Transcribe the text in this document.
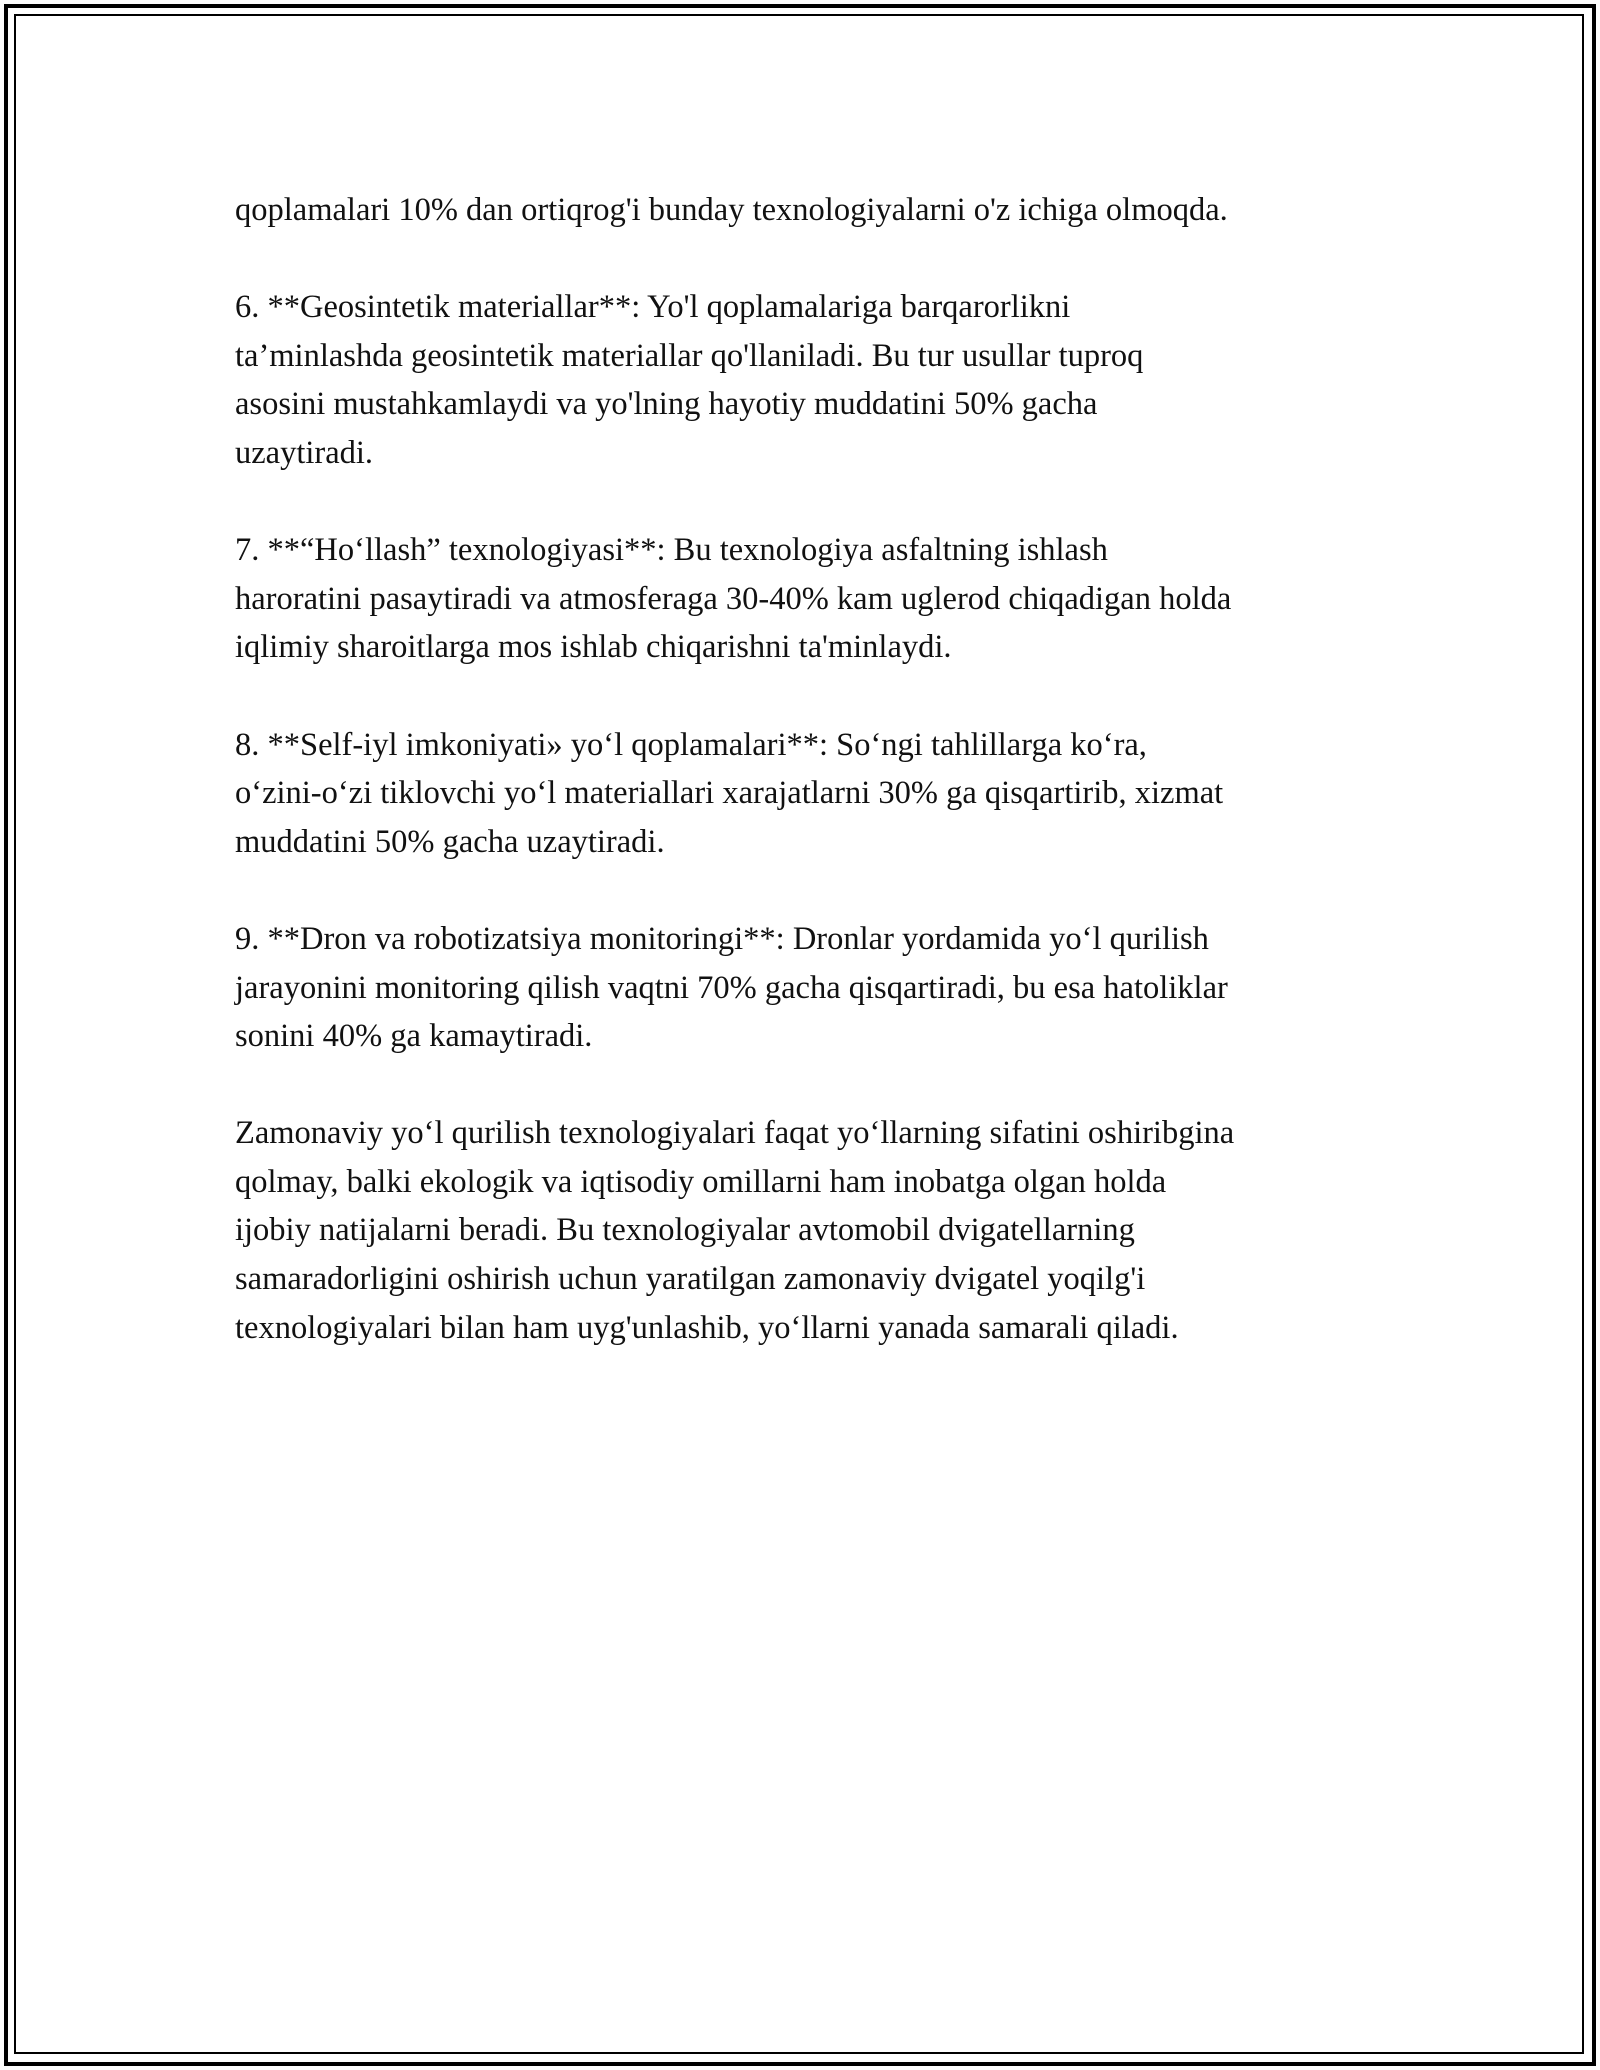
qoplamalari 10% dan ortiqrog'i bunday texnologiyalarni o'z ichiga olmoqda.

6. **Geosintetik materiallar**: Yo'l qoplamalariga barqarorlikni
ta’minlashda geosintetik materiallar qo'llaniladi. Bu tur usullar tuproq
asosini mustahkamlaydi va yo'lning hayotiy muddatini 50% gacha
uzaytiradi.

7. **“Ho‘llash” texnologiyasi**: Bu texnologiya asfaltning ishlash
haroratini pasaytiradi va atmosferaga 30-40% kam uglerod chiqadigan holda
iqlimiy sharoitlarga mos ishlab chiqarishni ta'minlaydi.

8. **Self-iyl imkoniyati» yo‘l qoplamalari**: So‘ngi tahlillarga ko‘ra,
o‘zini-o‘zi tiklovchi yo‘l materiallari xarajatlarni 30% ga qisqartirib, xizmat
muddatini 50% gacha uzaytiradi.

9. **Dron va robotizatsiya monitoringi**: Dronlar yordamida yo‘l qurilish
jarayonini monitoring qilish vaqtni 70% gacha qisqartiradi, bu esa hatoliklar
sonini 40% ga kamaytiradi.

Zamonaviy yo‘l qurilish texnologiyalari faqat yo‘llarning sifatini oshiribgina
qolmay, balki ekologik va iqtisodiy omillarni ham inobatga olgan holda
ijobiy natijalarni beradi. Bu texnologiyalar avtomobil dvigatellarning
samaradorligini oshirish uchun yaratilgan zamonaviy dvigatel yoqilg'i
texnologiyalari bilan ham uyg'unlashib, yo‘llarni yanada samarali qiladi.
